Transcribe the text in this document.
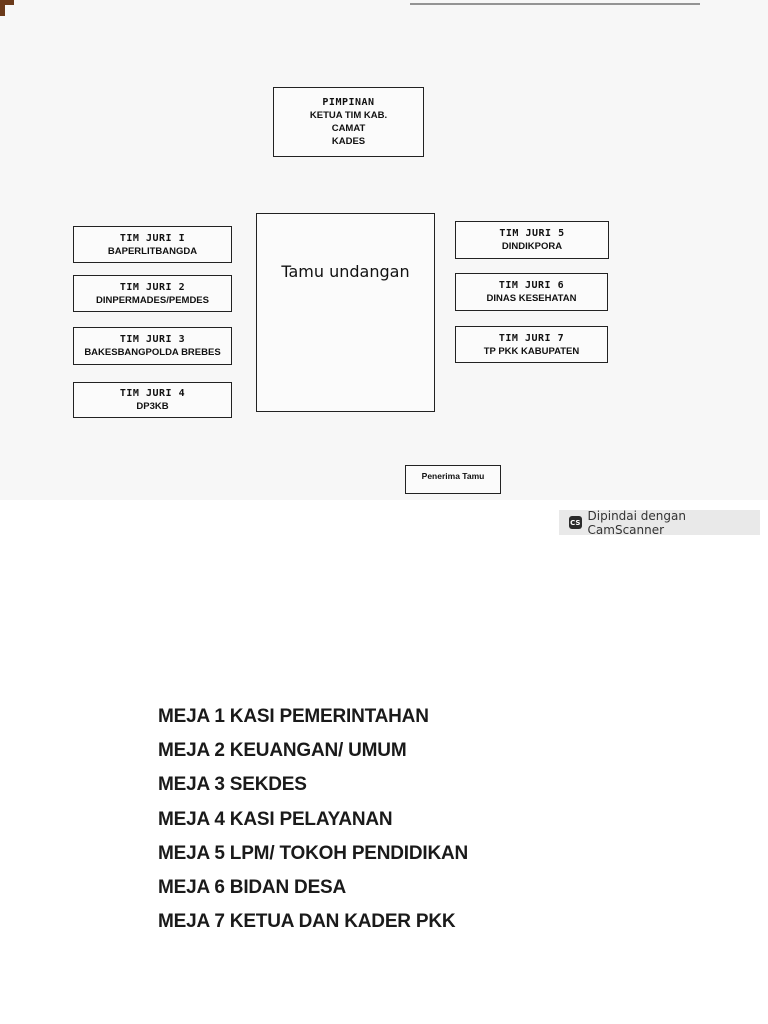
PIMPINAN
KETUA TIM KAB.
CAMAT
KADES
TIM JURI I
BAPERLITBANGDA
TIM JURI 2
DINPERMADES/PEMDES
TIM JURI 3
BAKESBANGPOLDA BREBES
TIM JURI 4
DP3KB
Tamu undangan
TIM JURI 5
DINDIKPORA
TIM JURI 6
DINAS KESEHATAN
TIM JURI 7
TP PKK KABUPATEN
Penerima Tamu
CS Dipindai dengan CamScanner
MEJA 1 KASI PEMERINTAHAN
MEJA 2 KEUANGAN/ UMUM
MEJA 3 SEKDES
MEJA 4 KASI PELAYANAN
MEJA 5 LPM/ TOKOH PENDIDIKAN
MEJA 6 BIDAN DESA
MEJA 7 KETUA DAN KADER PKK
